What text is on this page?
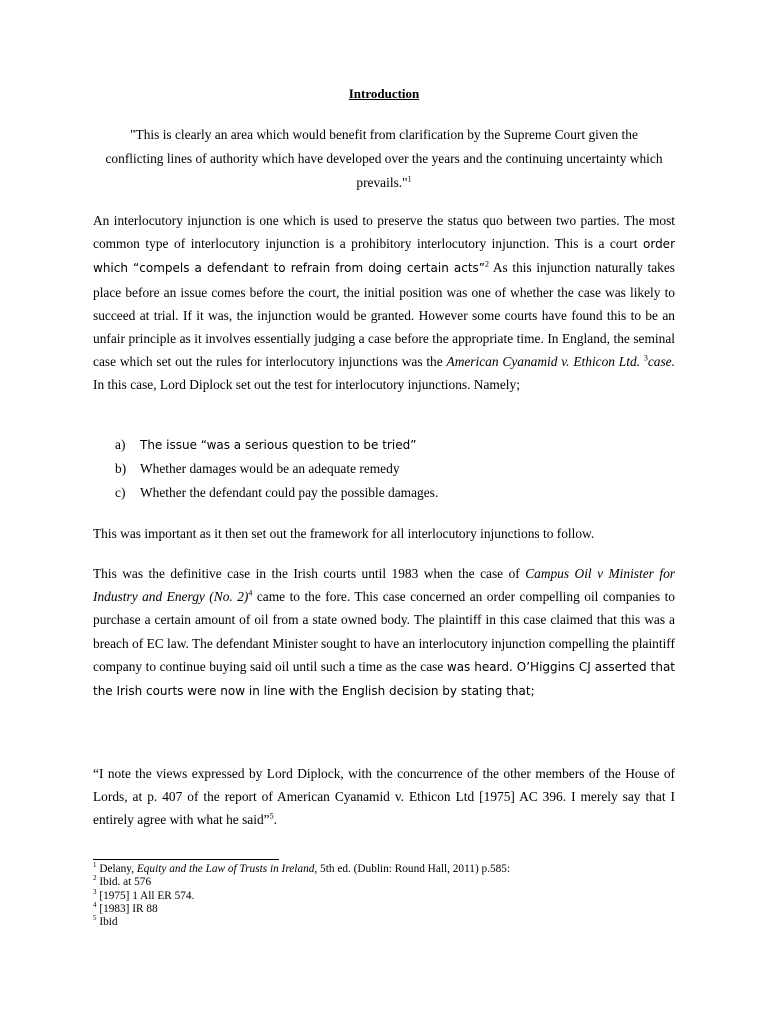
Introduction
"This is clearly an area which would benefit from clarification by the Supreme Court given the conflicting lines of authority which have developed over the years and the continuing uncertainty which prevails."$^1$

An interlocutory injunction is one which is used to preserve the status quo between two parties. The most common type of interlocutory injunction is a prohibitory interlocutory injunction. This is a court order which “compels a defendant to refrain from doing certain acts”$^2$ As this injunction naturally takes place before an issue comes before the court, the initial position was one of whether the case was likely to succeed at trial. If it was, the injunction would be granted. However some courts have found this to be an unfair principle as it involves essentially judging a case before the appropriate time. In England, the seminal case which set out the rules for interlocutory injunctions was the American Cyanamid v. Ethicon Ltd. $^3$case. In this case, Lord Diplock set out the test for interlocutory injunctions. Namely;

a)	The issue “was a serious question to be tried”
b)	Whether damages would be an adequate remedy
c)	Whether the defendant could pay the possible damages.

This was important as it then set out the framework for all interlocutory injunctions to follow.

This was the definitive case in the Irish courts until 1983 when the case of Campus Oil v Minister for Industry and Energy (No. 2)$^4$ came to the fore. This case concerned an order compelling oil companies to purchase a certain amount of oil from a state owned body. The plaintiff in this case claimed that this was a breach of EC law. The defendant Minister sought to have an interlocutory injunction compelling the plaintiff company to continue buying said oil until such a time as the case was heard. O’Higgins CJ asserted that the Irish courts were now in line with the English decision by stating that;

“I note the views expressed by Lord Diplock, with the concurrence of the other members of the House of Lords, at p. 407 of the report of American Cyanamid v. Ethicon Ltd [1975] AC 396. I merely say that I entirely agree with what he said”$^5$.

$^1$ Delany, Equity and the Law of Trusts in Ireland, 5th ed. (Dublin: Round Hall, 2011) p.585:
$^2$ Ibid. at 576
$^3$ [1975] 1 All ER 574.
$^4$ [1983] IR 88
$^5$ Ibid
